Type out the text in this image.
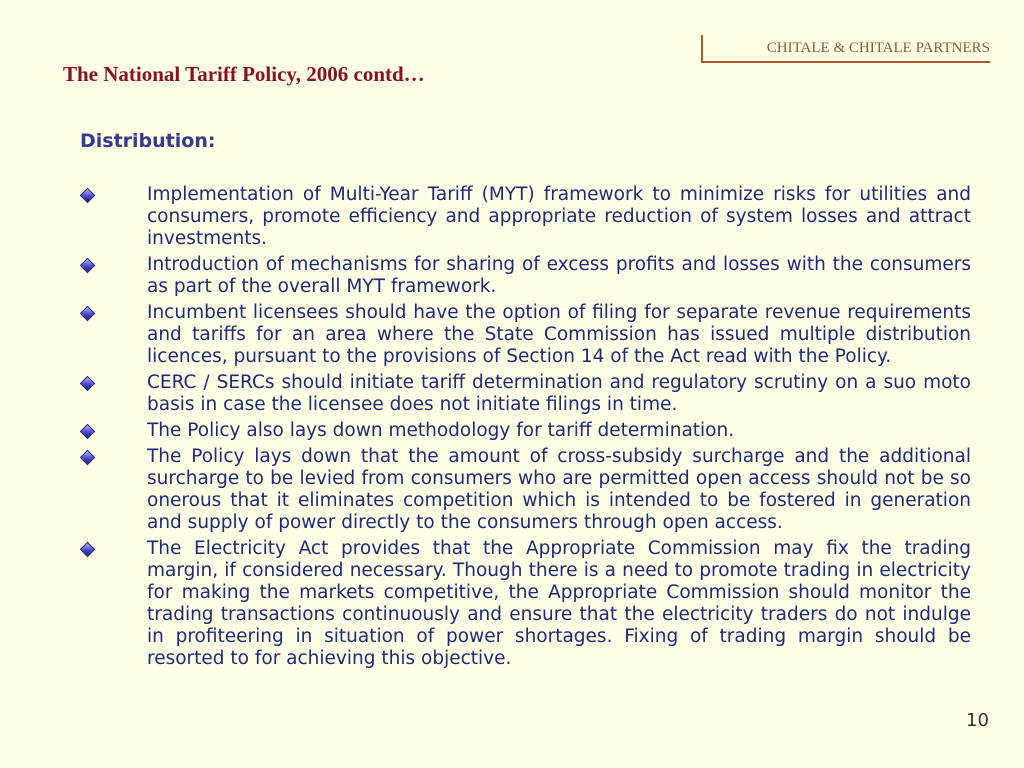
CHITALE & CHITALE PARTNERS
The National Tariff Policy, 2006 contd…
Distribution:
Implementation of Multi-Year Tariff (MYT) framework to minimize risks for utilities and consumers, promote efficiency and appropriate reduction of system losses and attract investments.
Introduction of mechanisms for sharing of excess profits and losses with the consumers as part of the overall MYT framework.
Incumbent licensees should have the option of filing for separate revenue requirements and tariffs for an area where the State Commission has issued multiple distribution licences, pursuant to the provisions of Section 14 of the Act read with the Policy.
CERC / SERCs should initiate tariff determination and regulatory scrutiny on a suo moto basis in case the licensee does not initiate filings in time.
The Policy also lays down methodology for tariff determination.
The Policy lays down that the amount of cross-subsidy surcharge and the additional surcharge to be levied from consumers who are permitted open access should not be so onerous that it eliminates competition which is intended to be fostered in generation and supply of power directly to the consumers through open access.
The Electricity Act provides that the Appropriate Commission may fix the trading margin, if considered necessary. Though there is a need to promote trading in electricity for making the markets competitive, the Appropriate Commission should monitor the trading transactions continuously and ensure that the electricity traders do not indulge in profiteering in situation of power shortages. Fixing of trading margin should be resorted to for achieving this objective.
10
